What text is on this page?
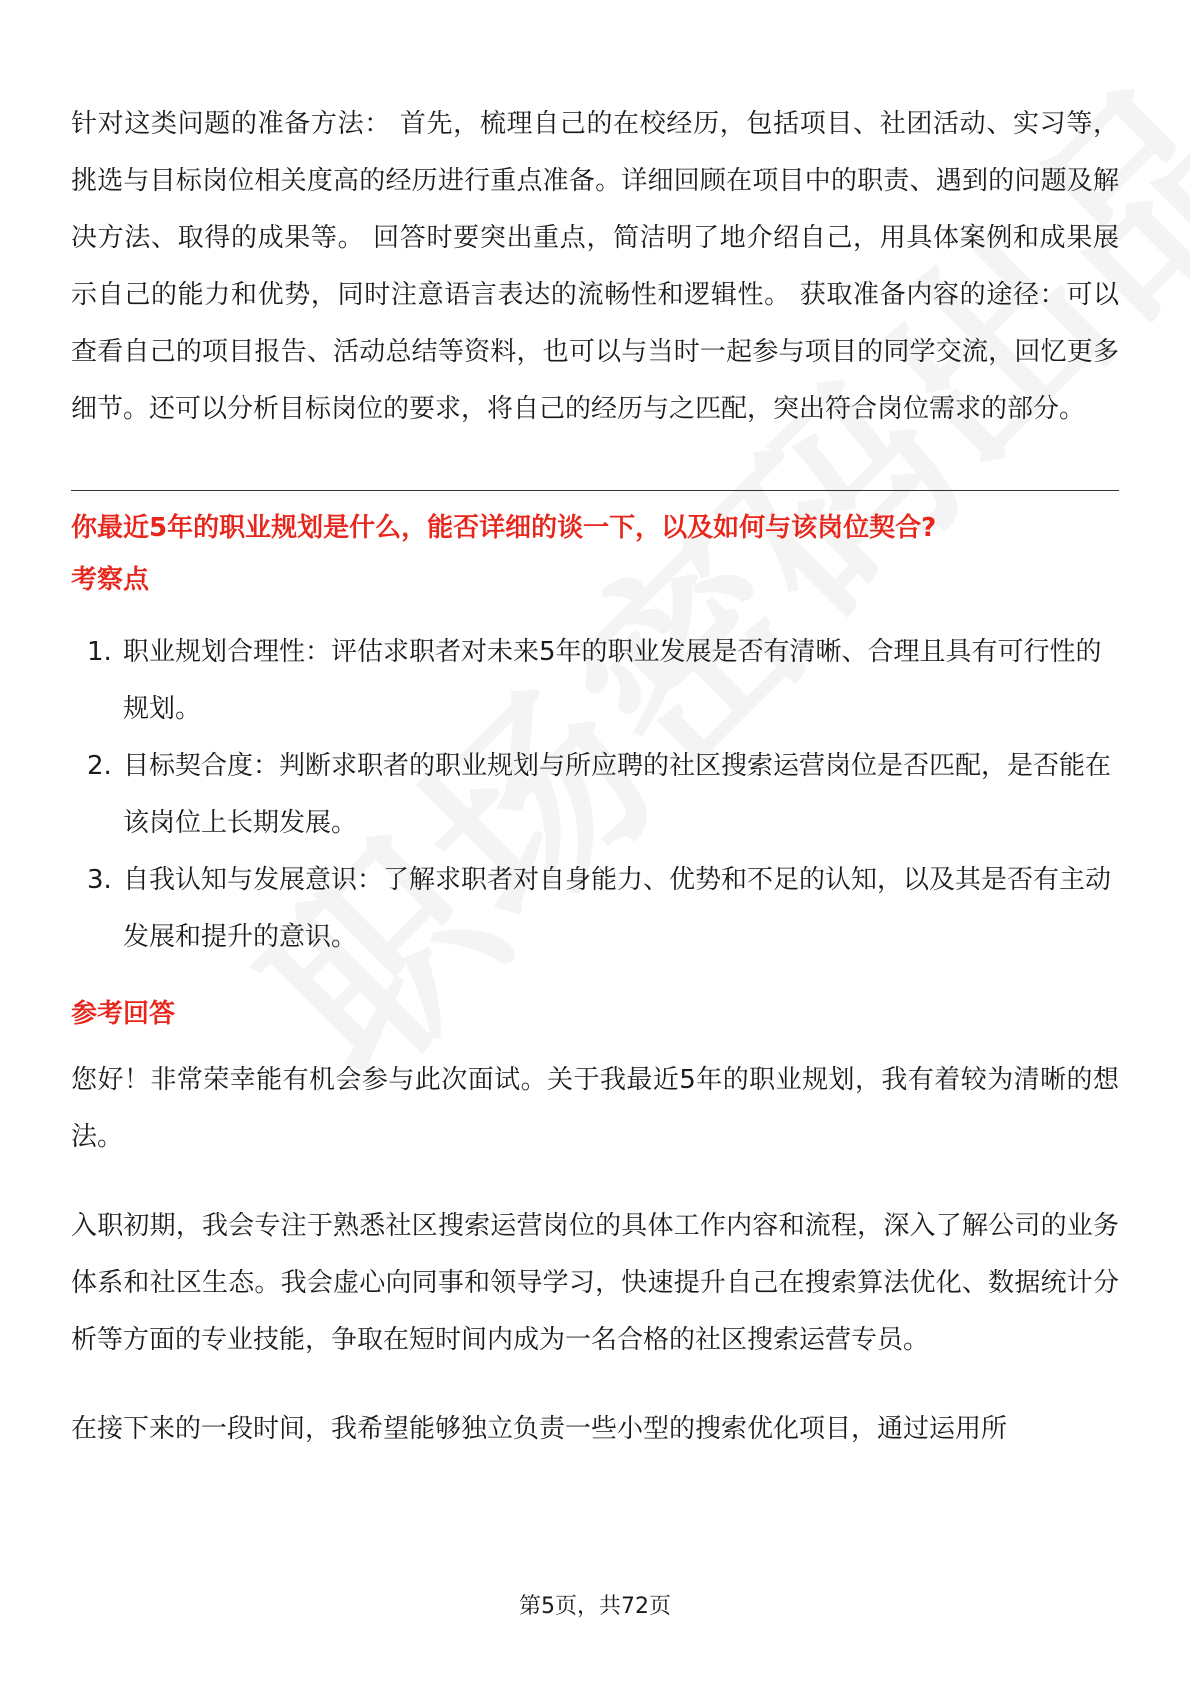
针对这类问题的准备方法： 首先，梳理自己的在校经历，包括项目、社团活动、实习等，挑选与目标岗位相关度高的经历进行重点准备。详细回顾在项目中的职责、遇到的问题及解决方法、取得的成果等。 回答时要突出重点，简洁明了地介绍自己，用具体案例和成果展示自己的能力和优势，同时注意语言表达的流畅性和逻辑性。 获取准备内容的途径：可以查看自己的项目报告、活动总结等资料，也可以与当时一起参与项目的同学交流，回忆更多细节。还可以分析目标岗位的要求，将自己的经历与之匹配，突出符合岗位需求的部分。

你最近5年的职业规划是什么，能否详细的谈一下，以及如何与该岗位契合?
考察点
1. 职业规划合理性：评估求职者对未来5年的职业发展是否有清晰、合理且具有可行性的规划。
2. 目标契合度：判断求职者的职业规划与所应聘的社区搜索运营岗位是否匹配，是否能在该岗位上长期发展。
3. 自我认知与发展意识：了解求职者对自身能力、优势和不足的认知，以及其是否有主动发展和提升的意识。
参考回答

您好！非常荣幸能有机会参与此次面试。关于我最近5年的职业规划，我有着较为清晰的想法。

入职初期，我会专注于熟悉社区搜索运营岗位的具体工作内容和流程，深入了解公司的业务体系和社区生态。我会虚心向同事和领导学习，快速提升自己在搜索算法优化、数据统计分析等方面的专业技能，争取在短时间内成为一名合格的社区搜索运营专员。

在接下来的一段时间，我希望能够独立负责一些小型的搜索优化项目，通过运用所

第5页，共72页
